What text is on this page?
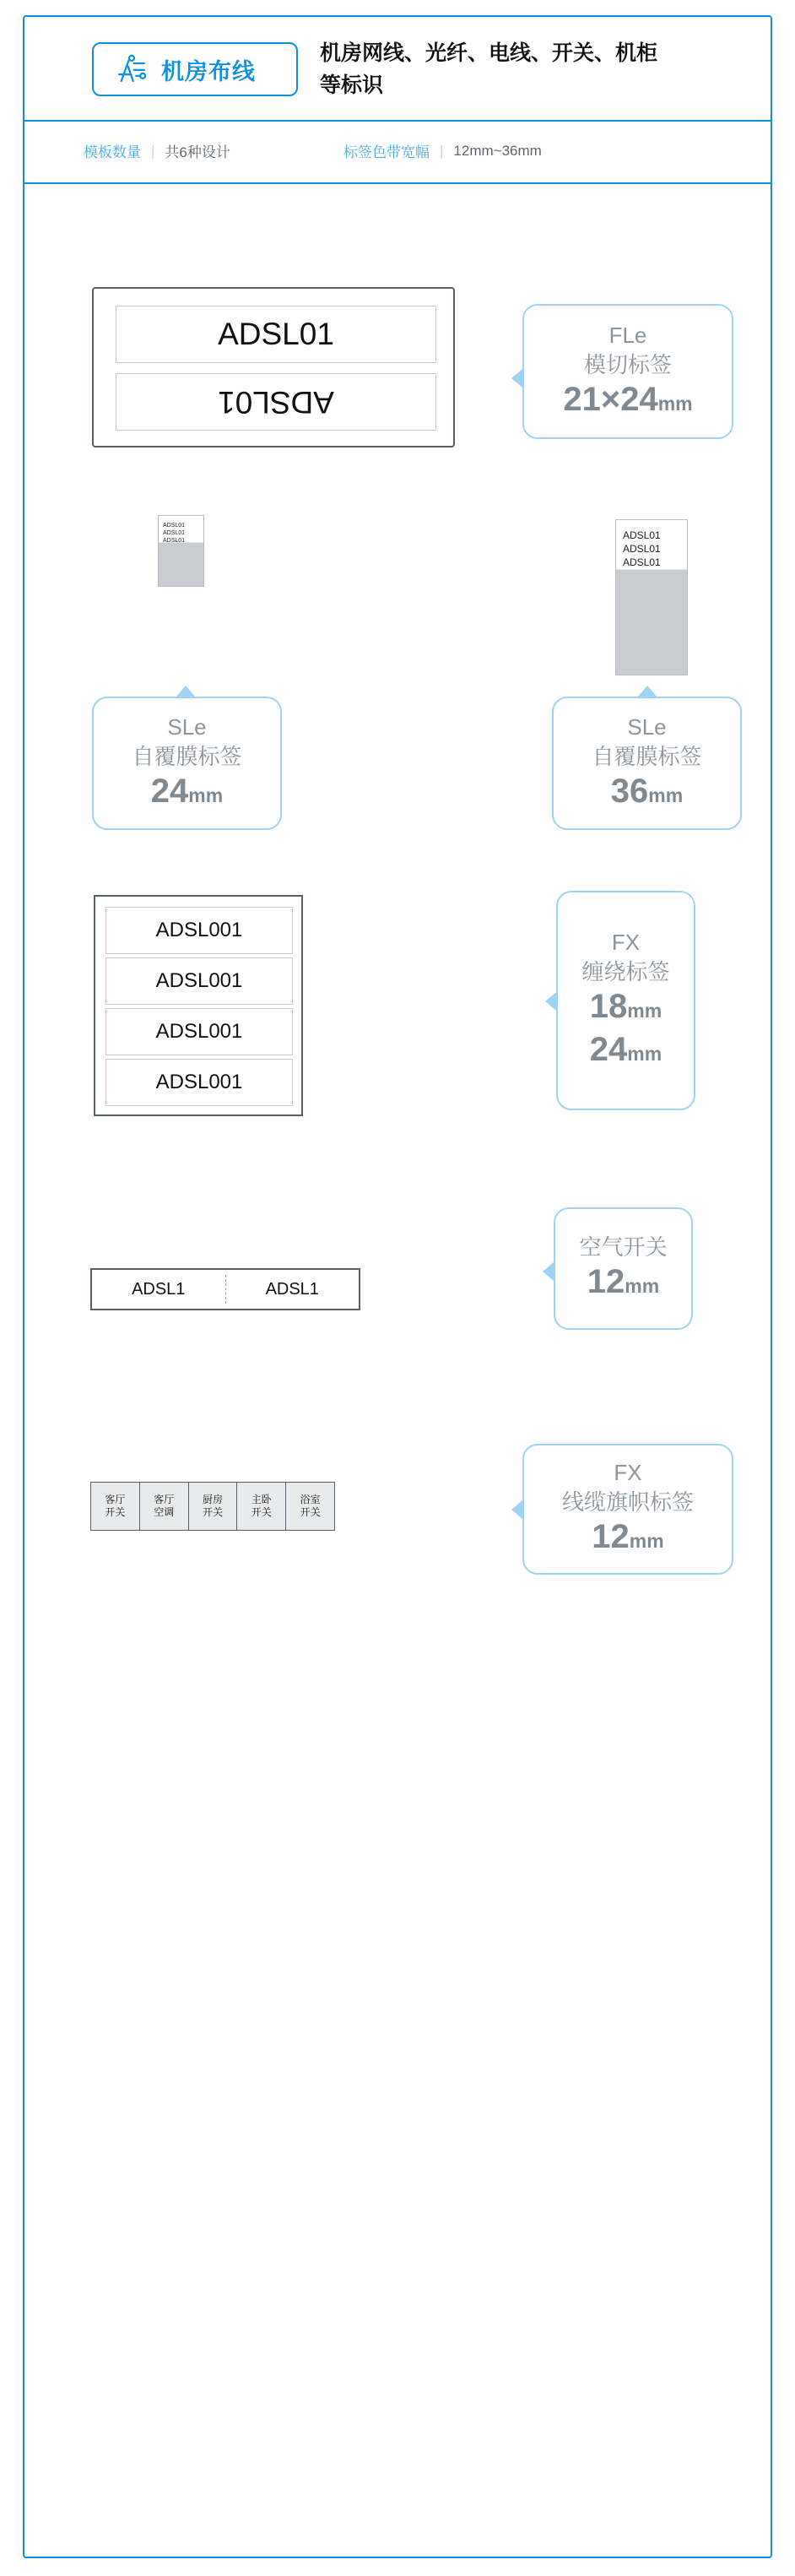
机房布线
机房网线、光纤、电线、开关、机柜等标识
模板数量 | 共6种设计	标签色带宽幅 | 12mm~36mm
ADSL01
ADSL01
FLe
模切标签
21×24mm
ADSL01
ADSL01
ADSL01
SLe
自覆膜标签
24mm
ADSL01
ADSL01
ADSL01
SLe
自覆膜标签
36mm
ADSL001
ADSL001
ADSL001
ADSL001
FX
缠绕标签
18mm
24mm
ADSL1	ADSL1
空气开关
12mm
客厅
开关
客厅
空调
厨房
开关
主卧
开关
浴室
开关
FX
线缆旗帜标签
12mm
